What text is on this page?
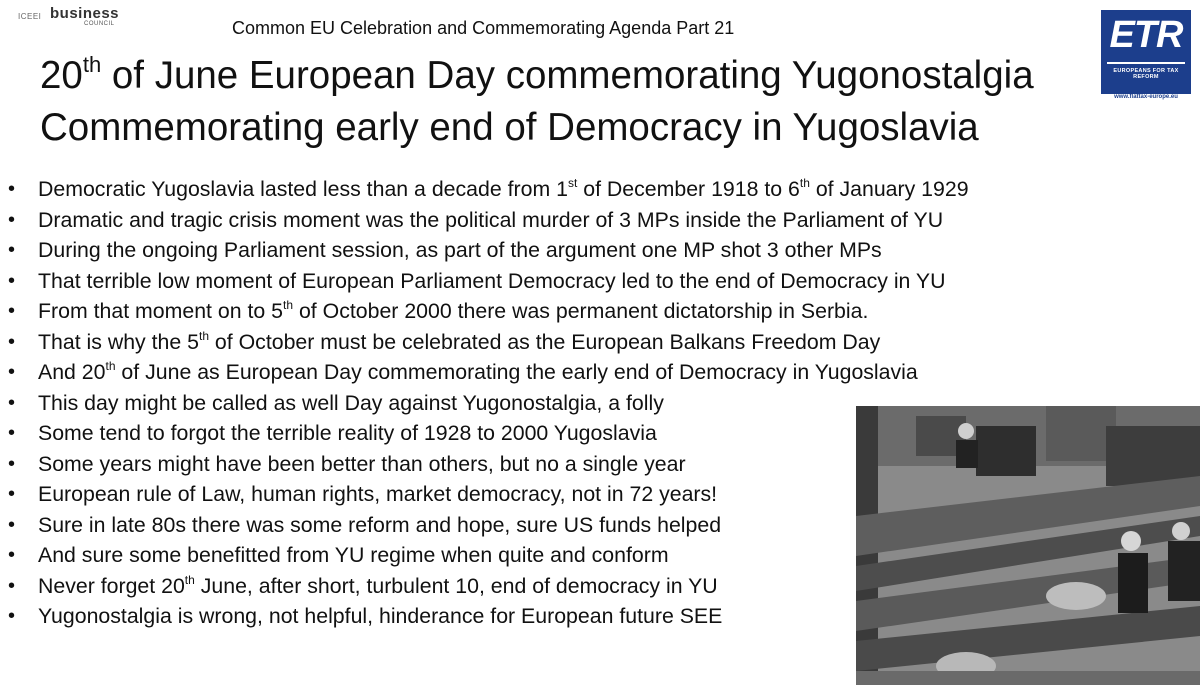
ICEEI business
COUNCIL	Common EU Celebration and Commemorating Agenda Part 21
20th of June European Day commemorating Yugonostalgia
Commemorating early end of Democracy in Yugoslavia
ETR
EUROPEANS FOR TAX REFORM
www.flattax-europe.eu
• Democratic Yugoslavia lasted less than a decade from 1st of December 1918 to 6th of January 1929
• Dramatic and tragic crisis moment was the political murder of 3 MPs inside the Parliament of YU
• During the ongoing Parliament session, as part of the argument one MP shot 3 other MPs
• That terrible low moment of European Parliament Democracy led to the end of Democracy in YU
• From that moment on to 5th of October 2000 there was permanent dictatorship in Serbia.
• That is why the 5th of October must be celebrated as the European Balkans Freedom Day
• And 20th of June as European Day commemorating the early end of Democracy in Yugoslavia
• This day might be called as well Day against Yugonostalgia, a folly
• Some tend to forgot the terrible reality of 1928 to 2000 Yugoslavia
• Some years might have been better than others, but no a single year
• European rule of Law, human rights, market democracy, not in 72 years!
• Sure in late 80s there was some reform and hope, sure US funds helped
• And sure some benefitted from YU regime when quite and conform
• Never forget 20th June, after short, turbulent 10, end of democracy in YU
• Yugonostalgia is wrong, not helpful, hinderance for European future SEE
